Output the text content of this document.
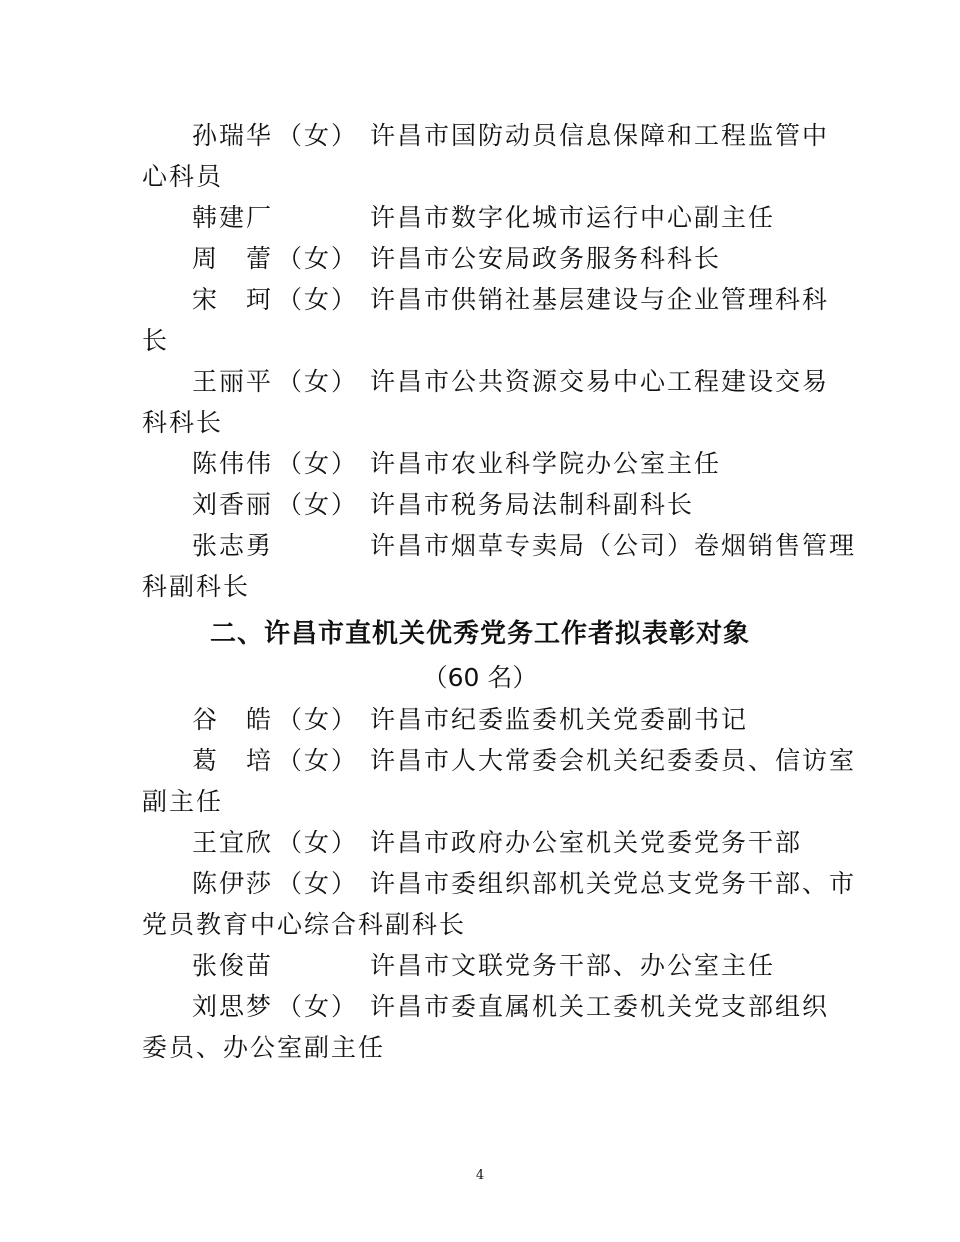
孙瑞华 （女） 许昌市国防动员信息保障和工程监管中
心科员
韩建厂	许昌市数字化城市运行中心副主任
周　蕾 （女） 许昌市公安局政务服务科科长
宋　珂 （女） 许昌市供销社基层建设与企业管理科科
长
王丽平 （女） 许昌市公共资源交易中心工程建设交易
科科长
陈伟伟 （女） 许昌市农业科学院办公室主任
刘香丽 （女） 许昌市税务局法制科副科长
张志勇	许昌市烟草专卖局（公司）卷烟销售管理
科副科长
二、许昌市直机关优秀党务工作者拟表彰对象
（60 名）
谷　皓 （女） 许昌市纪委监委机关党委副书记
葛　培 （女） 许昌市人大常委会机关纪委委员、信访室
副主任
王宜欣 （女） 许昌市政府办公室机关党委党务干部
陈伊莎 （女） 许昌市委组织部机关党总支党务干部、市
党员教育中心综合科副科长
张俊苗	许昌市文联党务干部、办公室主任
刘思梦 （女） 许昌市委直属机关工委机关党支部组织
委员、办公室副主任
4
